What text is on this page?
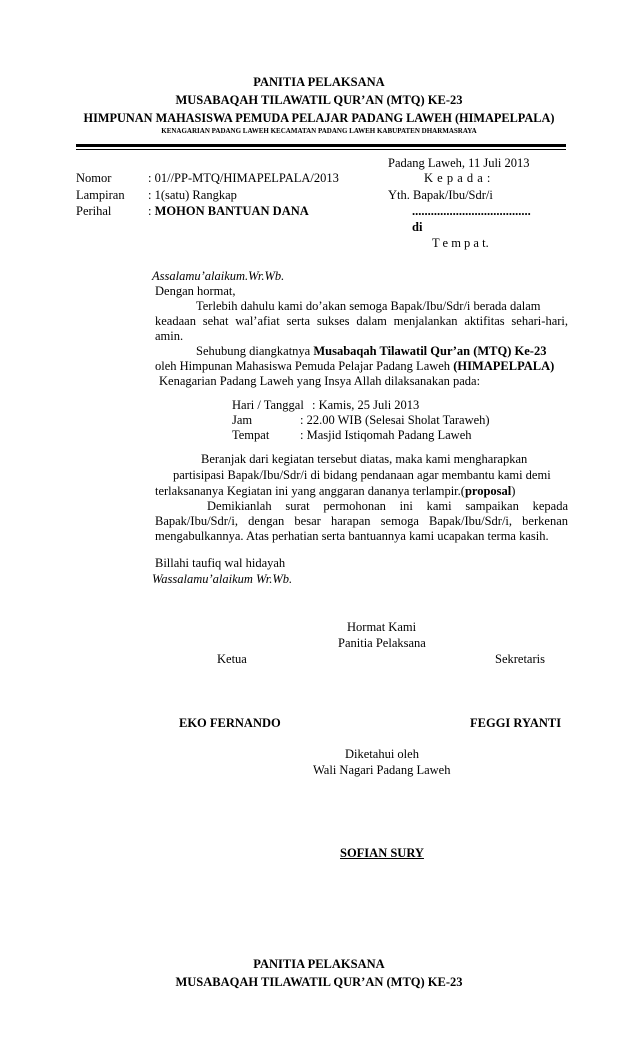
PANITIA PELAKSANA
MUSABAQAH TILAWATIL QUR’AN (MTQ) KE-23
HIMPUNAN MAHASISWA PEMUDA PELAJAR PADANG LAWEH (HIMAPELPALA)
KENAGARIAN PADANG LAWEH KECAMATAN PADANG LAWEH KABUPATEN DHARMASRAYA
Padang Laweh, 11 Juli 2013
Nomor	: 01//PP-MTQ/HIMAPELPALA/2013
Lampiran : 1(satu) Rangkap
Perihal	: MOHON BANTUAN DANA
K e p a d a :
Yth. Bapak/Ibu/Sdr/i
......................................
di
T e m p a t.
Assalamu’alaikum.Wr.Wb.
Dengan hormat,
Terlebih dahulu kami do’akan semoga Bapak/Ibu/Sdr/i berada dalam
keadaan sehat wal’afiat serta sukses dalam menjalankan aktifitas sehari-hari,
amin.
Sehubung diangkatnya Musabaqah Tilawatil Qur’an (MTQ) Ke-23
oleh Himpunan Mahasiswa Pemuda Pelajar Padang Laweh (HIMAPELPALA)
Kenagarian Padang Laweh yang Insya Allah dilaksanakan pada:
Hari / Tanggal : Kamis, 25 Juli 2013
Jam	: 22.00 WIB (Selesai Sholat Taraweh)
Tempat : Masjid Istiqomah Padang Laweh
Beranjak dari kegiatan tersebut diatas, maka kami mengharapkan
partisipasi Bapak/Ibu/Sdr/i di bidang pendanaan agar membantu kami demi
terlaksananya Kegiatan ini yang anggaran dananya terlampir.(proposal)
Demikianlah surat permohonan ini kami sampaikan kepada
Bapak/Ibu/Sdr/i, dengan besar harapan semoga Bapak/Ibu/Sdr/i, berkenan
mengabulkannya. Atas perhatian serta bantuannya kami ucapakan terma kasih.
Billahi taufiq wal hidayah
Wassalamu’alaikum Wr.Wb.
Hormat Kami
Panitia Pelaksana
Ketua	Sekretaris
EKO FERNANDO	FEGGI RYANTI
Diketahui oleh
Wali Nagari Padang Laweh
SOFIAN SURY
PANITIA PELAKSANA
MUSABAQAH TILAWATIL QUR’AN (MTQ) KE-23
